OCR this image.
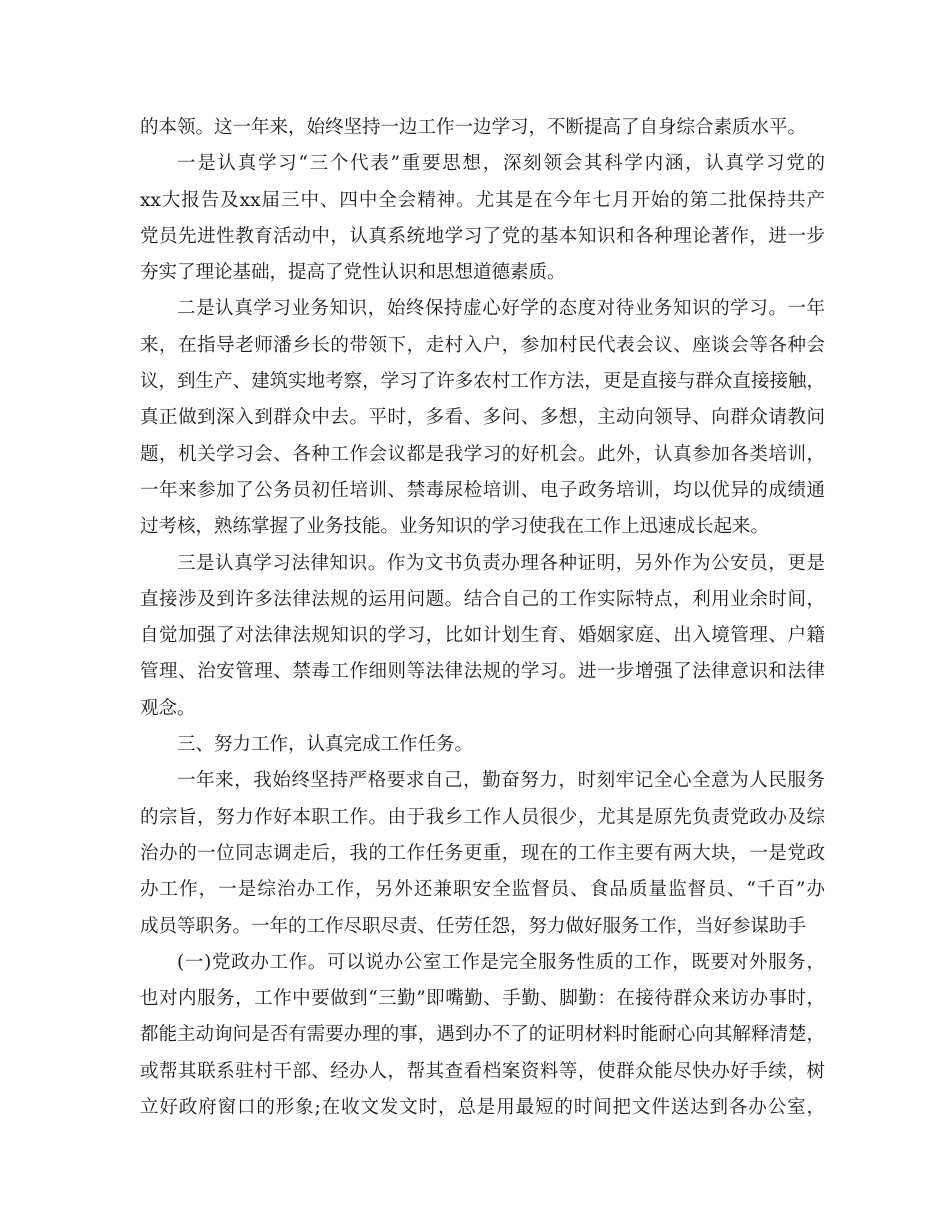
的本领。这一年来，始终坚持一边工作一边学习，不断提高了自身综合素质水平。
一是认真学习“三个代表”重要思想，深刻领会其科学内涵，认真学习党的
xx大报告及xx届三中、四中全会精神。尤其是在今年七月开始的第二批保持共产
党员先进性教育活动中，认真系统地学习了党的基本知识和各种理论著作，进一步
夯实了理论基础，提高了党性认识和思想道德素质。
二是认真学习业务知识，始终保持虚心好学的态度对待业务知识的学习。一年
来，在指导老师潘乡长的带领下，走村入户，参加村民代表会议、座谈会等各种会
议，到生产、建筑实地考察，学习了许多农村工作方法，更是直接与群众直接接触，
真正做到深入到群众中去。平时，多看、多问、多想，主动向领导、向群众请教问
题，机关学习会、各种工作会议都是我学习的好机会。此外，认真参加各类培训，
一年来参加了公务员初任培训、禁毒尿检培训、电子政务培训，均以优异的成绩通
过考核，熟练掌握了业务技能。业务知识的学习使我在工作上迅速成长起来。
三是认真学习法律知识。作为文书负责办理各种证明，另外作为公安员，更是
直接涉及到许多法律法规的运用问题。结合自己的工作实际特点，利用业余时间，
自觉加强了对法律法规知识的学习，比如计划生育、婚姻家庭、出入境管理、户籍
管理、治安管理、禁毒工作细则等法律法规的学习。进一步增强了法律意识和法律
观念。
三、努力工作，认真完成工作任务。
一年来，我始终坚持严格要求自己，勤奋努力，时刻牢记全心全意为人民服务
的宗旨，努力作好本职工作。由于我乡工作人员很少，尤其是原先负责党政办及综
治办的一位同志调走后，我的工作任务更重，现在的工作主要有两大块，一是党政
办工作，一是综治办工作，另外还兼职安全监督员、食品质量监督员、“千百”办
成员等职务。一年的工作尽职尽责、任劳任怨，努力做好服务工作，当好参谋助手
(一)党政办工作。可以说办公室工作是完全服务性质的工作，既要对外服务，
也对内服务，工作中要做到“三勤”即嘴勤、手勤、脚勤：在接待群众来访办事时，
都能主动询问是否有需要办理的事，遇到办不了的证明材料时能耐心向其解释清楚，
或帮其联系驻村干部、经办人，帮其查看档案资料等，使群众能尽快办好手续，树
立好政府窗口的形象;在收文发文时，总是用最短的时间把文件送达到各办公室，
